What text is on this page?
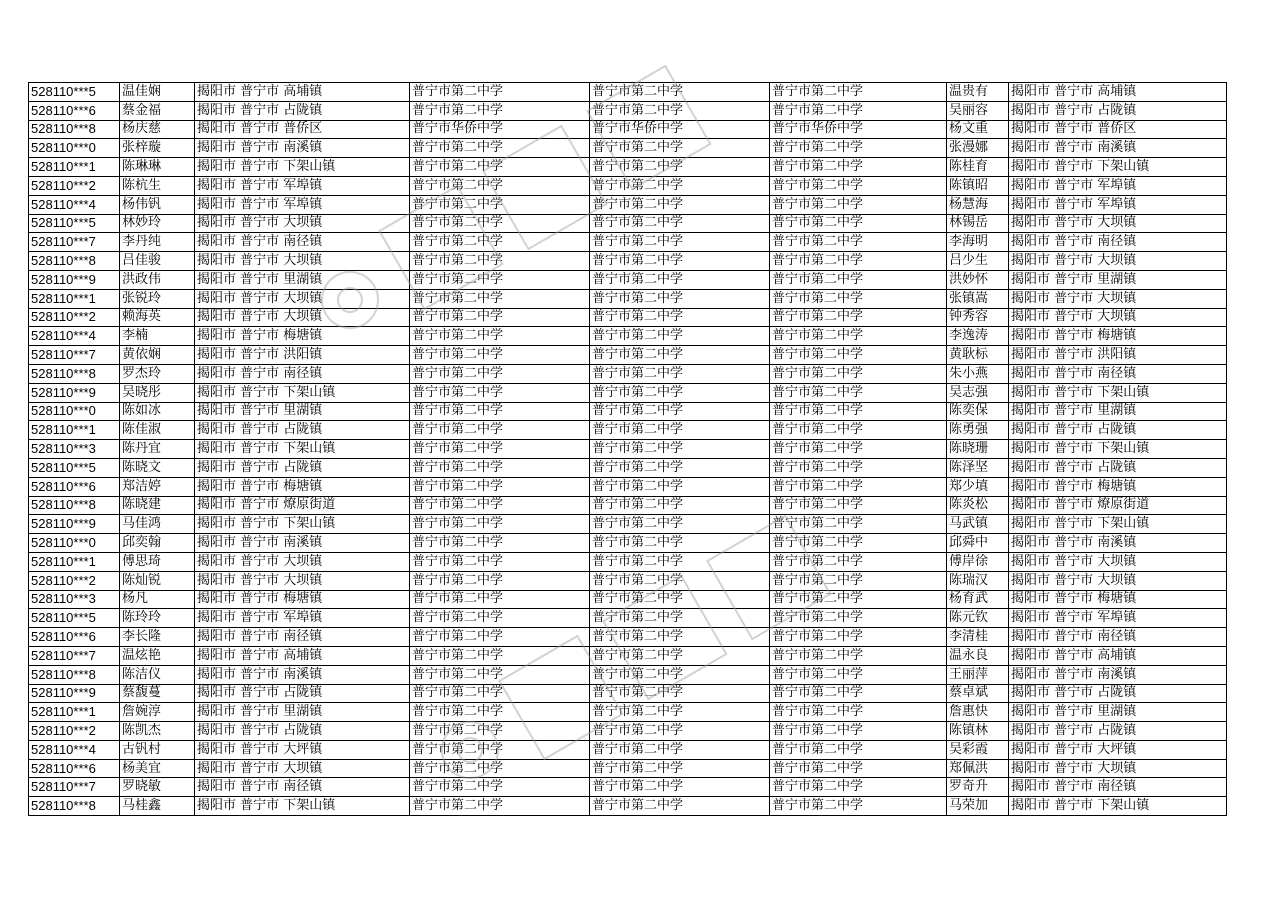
528110***5	温佳娴	揭阳市 普宁市 高埔镇	普宁市第二中学	普宁市第二中学	普宁市第二中学	温贵有	揭阳市 普宁市 高埔镇
528110***6	蔡金福	揭阳市 普宁市 占陇镇	普宁市第二中学	普宁市第二中学	普宁市第二中学	吴丽容	揭阳市 普宁市 占陇镇
528110***8	杨庆慈	揭阳市 普宁市 普侨区	普宁市华侨中学	普宁市华侨中学	普宁市华侨中学	杨文重	揭阳市 普宁市 普侨区
528110***0	张梓璇	揭阳市 普宁市 南溪镇	普宁市第二中学	普宁市第二中学	普宁市第二中学	张漫娜	揭阳市 普宁市 南溪镇
528110***1	陈琳琳	揭阳市 普宁市 下架山镇	普宁市第二中学	普宁市第二中学	普宁市第二中学	陈桂育	揭阳市 普宁市 下架山镇
528110***2	陈杭生	揭阳市 普宁市 军埠镇	普宁市第二中学	普宁市第二中学	普宁市第二中学	陈镇昭	揭阳市 普宁市 军埠镇
528110***4	杨伟钒	揭阳市 普宁市 军埠镇	普宁市第二中学	普宁市第二中学	普宁市第二中学	杨慧海	揭阳市 普宁市 军埠镇
528110***5	林妙玲	揭阳市 普宁市 大坝镇	普宁市第二中学	普宁市第二中学	普宁市第二中学	林锡岳	揭阳市 普宁市 大坝镇
528110***7	李丹纯	揭阳市 普宁市 南径镇	普宁市第二中学	普宁市第二中学	普宁市第二中学	李海明	揭阳市 普宁市 南径镇
528110***8	吕佳骏	揭阳市 普宁市 大坝镇	普宁市第二中学	普宁市第二中学	普宁市第二中学	吕少生	揭阳市 普宁市 大坝镇
528110***9	洪政伟	揭阳市 普宁市 里湖镇	普宁市第二中学	普宁市第二中学	普宁市第二中学	洪妙怀	揭阳市 普宁市 里湖镇
528110***1	张锐玲	揭阳市 普宁市 大坝镇	普宁市第二中学	普宁市第二中学	普宁市第二中学	张镇嵩	揭阳市 普宁市 大坝镇
528110***2	赖海英	揭阳市 普宁市 大坝镇	普宁市第二中学	普宁市第二中学	普宁市第二中学	钟秀容	揭阳市 普宁市 大坝镇
528110***4	李楠	揭阳市 普宁市 梅塘镇	普宁市第二中学	普宁市第二中学	普宁市第二中学	李逸涛	揭阳市 普宁市 梅塘镇
528110***7	黄依娴	揭阳市 普宁市 洪阳镇	普宁市第二中学	普宁市第二中学	普宁市第二中学	黄耿标	揭阳市 普宁市 洪阳镇
528110***8	罗杰玲	揭阳市 普宁市 南径镇	普宁市第二中学	普宁市第二中学	普宁市第二中学	朱小燕	揭阳市 普宁市 南径镇
528110***9	吴晓彤	揭阳市 普宁市 下架山镇	普宁市第二中学	普宁市第二中学	普宁市第二中学	吴志强	揭阳市 普宁市 下架山镇
528110***0	陈如冰	揭阳市 普宁市 里湖镇	普宁市第二中学	普宁市第二中学	普宁市第二中学	陈奕保	揭阳市 普宁市 里湖镇
528110***1	陈佳淑	揭阳市 普宁市 占陇镇	普宁市第二中学	普宁市第二中学	普宁市第二中学	陈勇强	揭阳市 普宁市 占陇镇
528110***3	陈丹宜	揭阳市 普宁市 下架山镇	普宁市第二中学	普宁市第二中学	普宁市第二中学	陈晓珊	揭阳市 普宁市 下架山镇
528110***5	陈晓文	揭阳市 普宁市 占陇镇	普宁市第二中学	普宁市第二中学	普宁市第二中学	陈泽坚	揭阳市 普宁市 占陇镇
528110***6	郑洁婷	揭阳市 普宁市 梅塘镇	普宁市第二中学	普宁市第二中学	普宁市第二中学	郑少填	揭阳市 普宁市 梅塘镇
528110***8	陈晓建	揭阳市 普宁市 燎原街道	普宁市第二中学	普宁市第二中学	普宁市第二中学	陈炎松	揭阳市 普宁市 燎原街道
528110***9	马佳鸿	揭阳市 普宁市 下架山镇	普宁市第二中学	普宁市第二中学	普宁市第二中学	马武镇	揭阳市 普宁市 下架山镇
528110***0	邱奕翰	揭阳市 普宁市 南溪镇	普宁市第二中学	普宁市第二中学	普宁市第二中学	邱舜中	揭阳市 普宁市 南溪镇
528110***1	傅思琦	揭阳市 普宁市 大坝镇	普宁市第二中学	普宁市第二中学	普宁市第二中学	傅岸徐	揭阳市 普宁市 大坝镇
528110***2	陈灿锐	揭阳市 普宁市 大坝镇	普宁市第二中学	普宁市第二中学	普宁市第二中学	陈瑞汉	揭阳市 普宁市 大坝镇
528110***3	杨凡	揭阳市 普宁市 梅塘镇	普宁市第二中学	普宁市第二中学	普宁市第二中学	杨育武	揭阳市 普宁市 梅塘镇
528110***5	陈玲玲	揭阳市 普宁市 军埠镇	普宁市第二中学	普宁市第二中学	普宁市第二中学	陈元钦	揭阳市 普宁市 军埠镇
528110***6	李长隆	揭阳市 普宁市 南径镇	普宁市第二中学	普宁市第二中学	普宁市第二中学	李清桂	揭阳市 普宁市 南径镇
528110***7	温炫艳	揭阳市 普宁市 高埔镇	普宁市第二中学	普宁市第二中学	普宁市第二中学	温永良	揭阳市 普宁市 高埔镇
528110***8	陈洁仪	揭阳市 普宁市 南溪镇	普宁市第二中学	普宁市第二中学	普宁市第二中学	王丽萍	揭阳市 普宁市 南溪镇
528110***9	蔡馥蔓	揭阳市 普宁市 占陇镇	普宁市第二中学	普宁市第二中学	普宁市第二中学	蔡卓斌	揭阳市 普宁市 占陇镇
528110***1	詹婉淳	揭阳市 普宁市 里湖镇	普宁市第二中学	普宁市第二中学	普宁市第二中学	詹惠快	揭阳市 普宁市 里湖镇
528110***2	陈凯杰	揭阳市 普宁市 占陇镇	普宁市第二中学	普宁市第二中学	普宁市第二中学	陈镇林	揭阳市 普宁市 占陇镇
528110***4	古钒村	揭阳市 普宁市 大坪镇	普宁市第二中学	普宁市第二中学	普宁市第二中学	吴彩霞	揭阳市 普宁市 大坪镇
528110***6	杨美宜	揭阳市 普宁市 大坝镇	普宁市第二中学	普宁市第二中学	普宁市第二中学	郑佩洪	揭阳市 普宁市 大坝镇
528110***7	罗晓敏	揭阳市 普宁市 南径镇	普宁市第二中学	普宁市第二中学	普宁市第二中学	罗奇升	揭阳市 普宁市 南径镇
528110***8	马桂鑫	揭阳市 普宁市 下架山镇	普宁市第二中学	普宁市第二中学	普宁市第二中学	马荣加	揭阳市 普宁市 下架山镇
